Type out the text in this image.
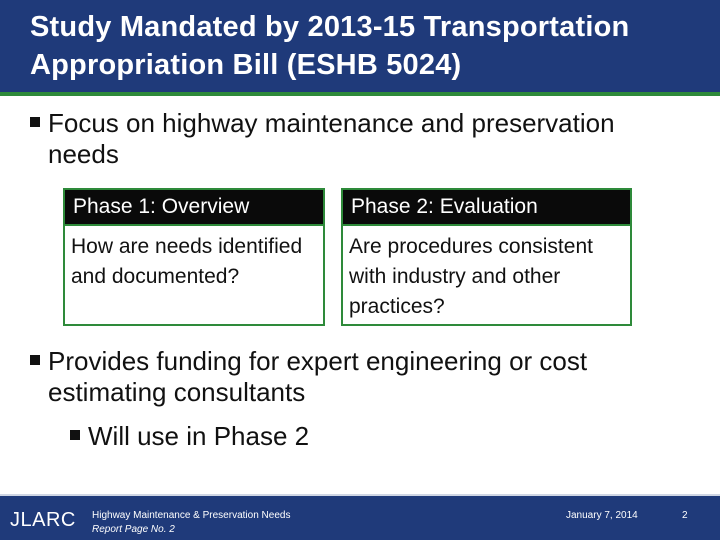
Study Mandated by 2013-15 Transportation
Appropriation Bill (ESHB 5024)
Focus on highway maintenance and preservation needs
Phase 1: Overview
How are needs identified and documented?
Phase 2: Evaluation
Are procedures consistent with industry and other practices?
Provides funding for expert engineering or cost estimating consultants
Will use in Phase 2
JLARC Highway Maintenance & Preservation Needs
Report Page No. 2
January 7, 2014	2
